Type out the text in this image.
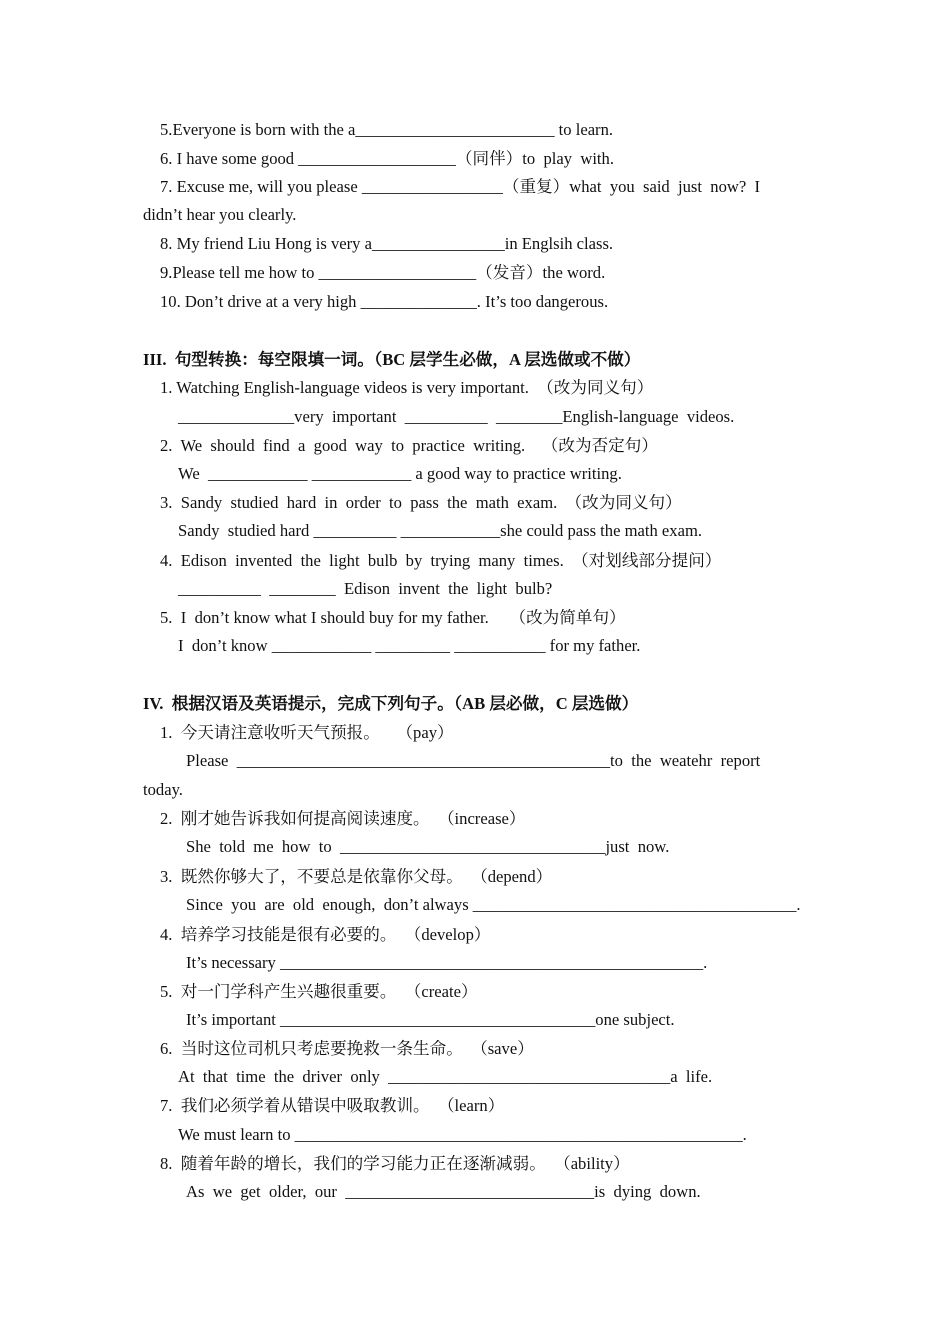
5.Everyone is born with the a________________________ to learn.
6. I have some good ___________________（同伴）to  play  with.
7. Excuse me, will you please _________________（重复）what  you  said  just  now?  I
didn’t hear you clearly.
8. My friend Liu Hong is very a________________in Englsih class.
9.Please tell me how to ___________________（发音）the word.
10. Don’t drive at a very high ______________. It’s too dangerous.
III.  句型转换：每空限填一词。（BC 层学生必做，A 层选做或不做）
1. Watching English-language videos is very important.  （改为同义句）
______________very  important  __________  ________English-language  videos.
2.  We  should  find  a  good  way  to  practice  writing.    （改为否定句）
We  ____________ ____________ a good way to practice writing.
3.  Sandy  studied  hard  in  order  to  pass  the  math  exam.  （改为同义句）
Sandy  studied hard __________ ____________she could pass the math exam.
4.  Edison  invented  the  light  bulb  by  trying  many  times.  （对划线部分提问）
__________  ________  Edison  invent  the  light  bulb?
5.  I  don’t know what I should buy for my father.     （改为简单句）
I  don’t know ____________ _________ ___________ for my father.
IV.  根据汉语及英语提示，完成下列句子。（AB 层必做，C 层选做）
1.  今天请注意收听天气预报。    （pay）
Please  _____________________________________________to  the  weatehr  report
today.
2.  刚才她告诉我如何提高阅读速度。  （increase）
She  told  me  how  to  ________________________________just  now.
3.  既然你够大了，不要总是依靠你父母。  （depend）
Since  you  are  old  enough,  don’t always _______________________________________.
4.  培养学习技能是很有必要的。  （develop）
It’s necessary ___________________________________________________.
5.  对一门学科产生兴趣很重要。  （create）
It’s important ______________________________________one subject.
6.  当时这位司机只考虑要挽救一条生命。  （save）
At  that  time  the  driver  only  __________________________________a  life.
7.  我们必须学着从错误中吸取教训。  （learn）
We must learn to ______________________________________________________.
8.  随着年龄的增长，我们的学习能力正在逐渐减弱。  （ability）
As  we  get  older,  our  ______________________________is  dying  down.
